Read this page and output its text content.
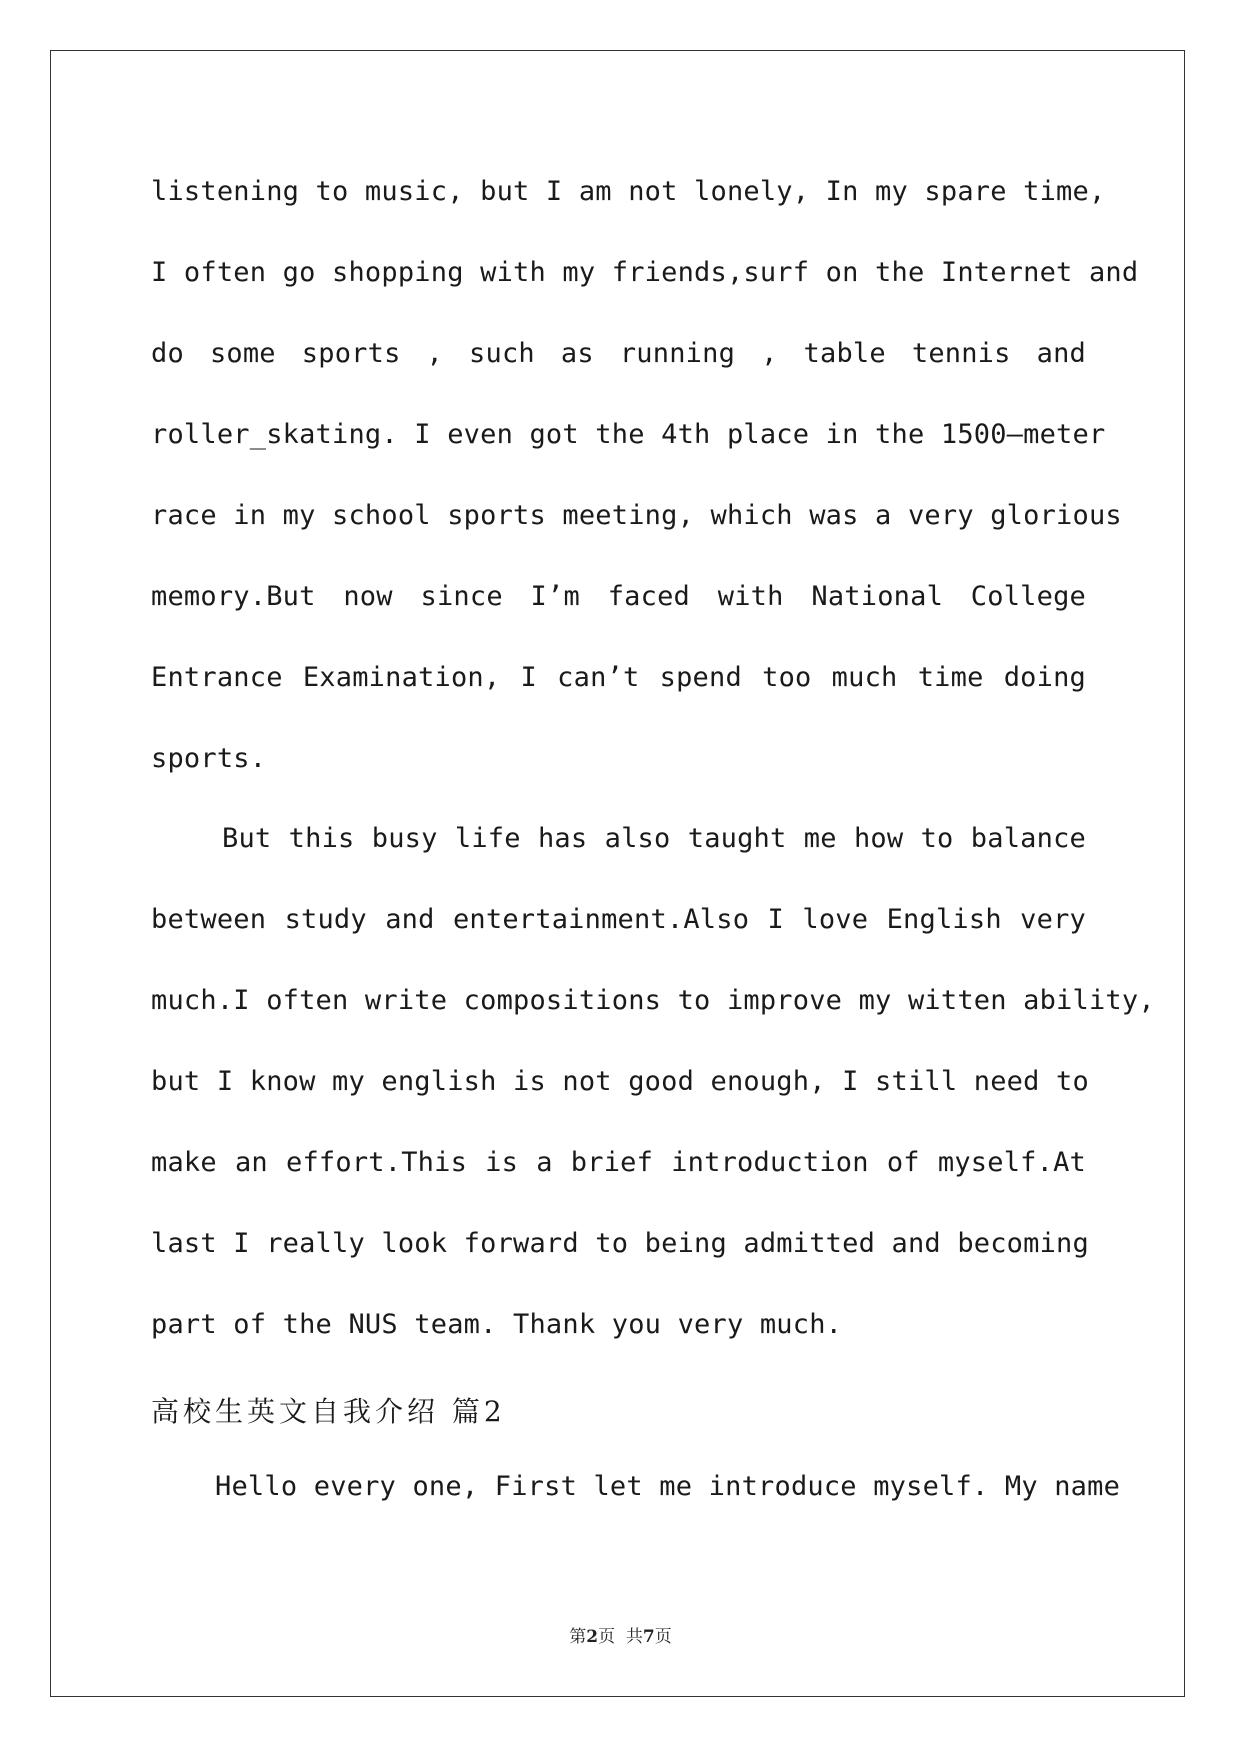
listening to music, but I am not lonely, In my spare time,
I often go shopping with my friends,surf on the Internet and
do some sports , such as running , table tennis and
roller_skating. I even got the 4th place in the 1500—meter
race in my school sports meeting, which was a very glorious
memory.But now since I’m faced with National College
Entrance Examination, I can’t spend too much time doing
sports.
But this busy life has also taught me how to balance
between study and entertainment.Also I love English very
much.I often write compositions to improve my witten ability,
but I know my english is not good enough, I still need to
make an effort.This is a brief introduction of myself.At
last I really look forward to being admitted and becoming
part of the NUS team. Thank you very much.
高校生英文自我介绍 篇2
Hello every one, First let me introduce myself. My name
第2页  共7页
